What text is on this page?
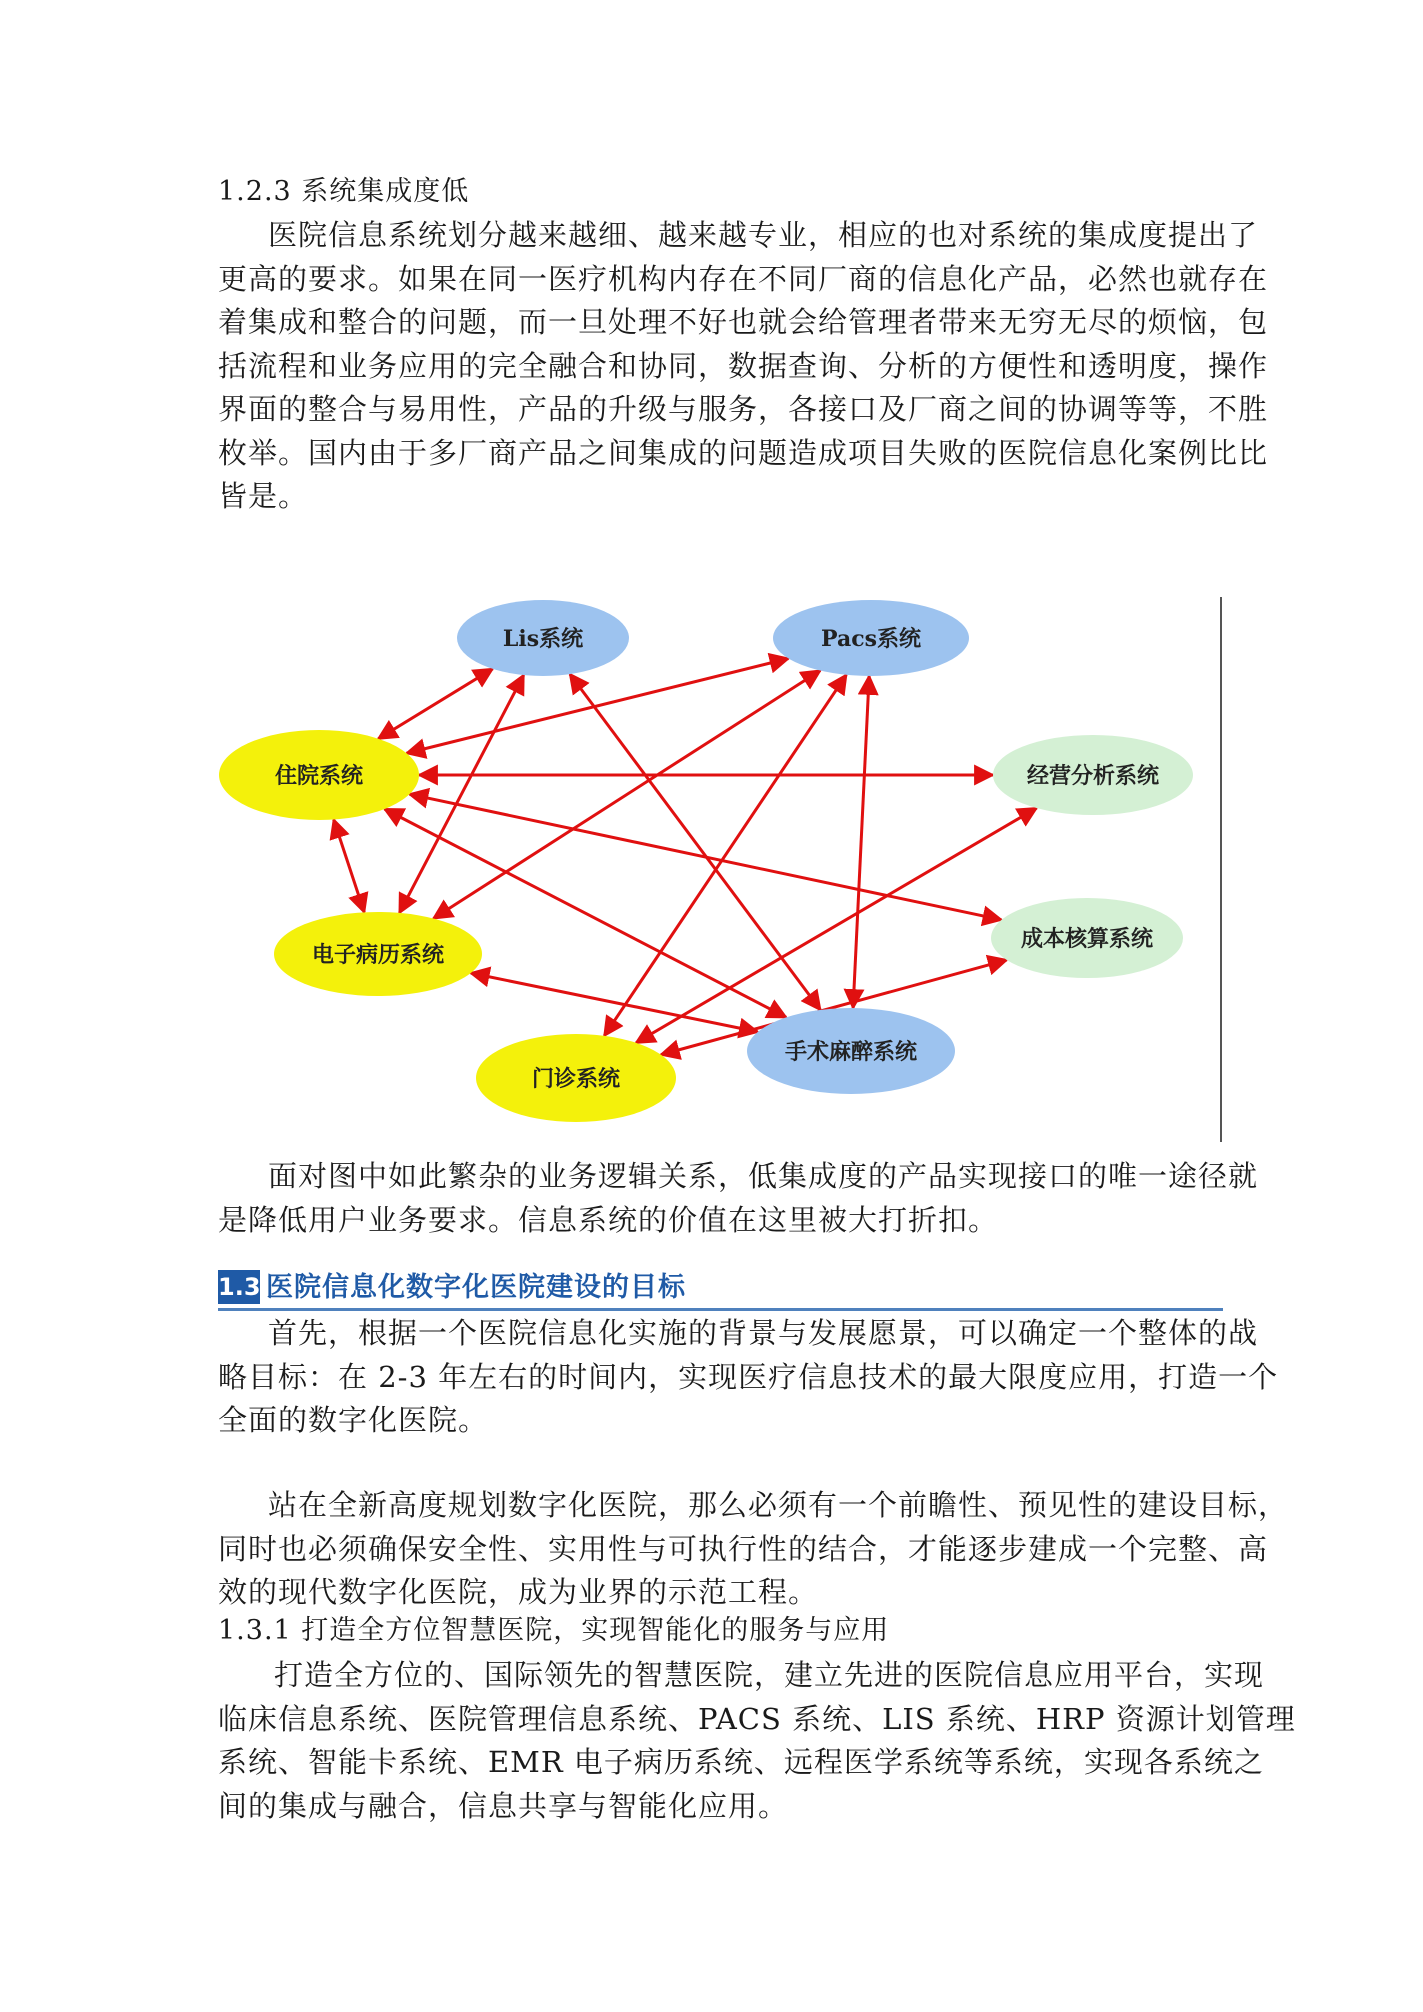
1.2.3 系统集成度低
医院信息系统划分越来越细、越来越专业，相应的也对系统的集成度提出了
更高的要求。如果在同一医疗机构内存在不同厂商的信息化产品，必然也就存在
着集成和整合的问题，而一旦处理不好也就会给管理者带来无穷无尽的烦恼，包
括流程和业务应用的完全融合和协同，数据查询、分析的方便性和透明度，操作
界面的整合与易用性，产品的升级与服务，各接口及厂商之间的协调等等，不胜
枚举。国内由于多厂商产品之间集成的问题造成项目失败的医院信息化案例比比
皆是。
Lis系统	Pacs系统
住院系统	经营分析系统
成本核算系统
电子病历系统
门诊系统
手术麻醉系统
面对图中如此繁杂的业务逻辑关系，低集成度的产品实现接口的唯一途径就
是降低用户业务要求。信息系统的价值在这里被大打折扣。
1.3 医院信息化数字化医院建设的目标
首先，根据一个医院信息化实施的背景与发展愿景，可以确定一个整体的战
略目标：在 2-3 年左右的时间内，实现医疗信息技术的最大限度应用，打造一个
全面的数字化医院。
站在全新高度规划数字化医院，那么必须有一个前瞻性、预见性的建设目标，
同时也必须确保安全性、实用性与可执行性的结合，才能逐步建成一个完整、高
效的现代数字化医院，成为业界的示范工程。
1.3.1 打造全方位智慧医院，实现智能化的服务与应用
打造全方位的、国际领先的智慧医院，建立先进的医院信息应用平台，实现
临床信息系统、医院管理信息系统、PACS 系统、LIS 系统、HRP 资源计划管理
系统、智能卡系统、EMR 电子病历系统、远程医学系统等系统，实现各系统之
间的集成与融合，信息共享与智能化应用。
